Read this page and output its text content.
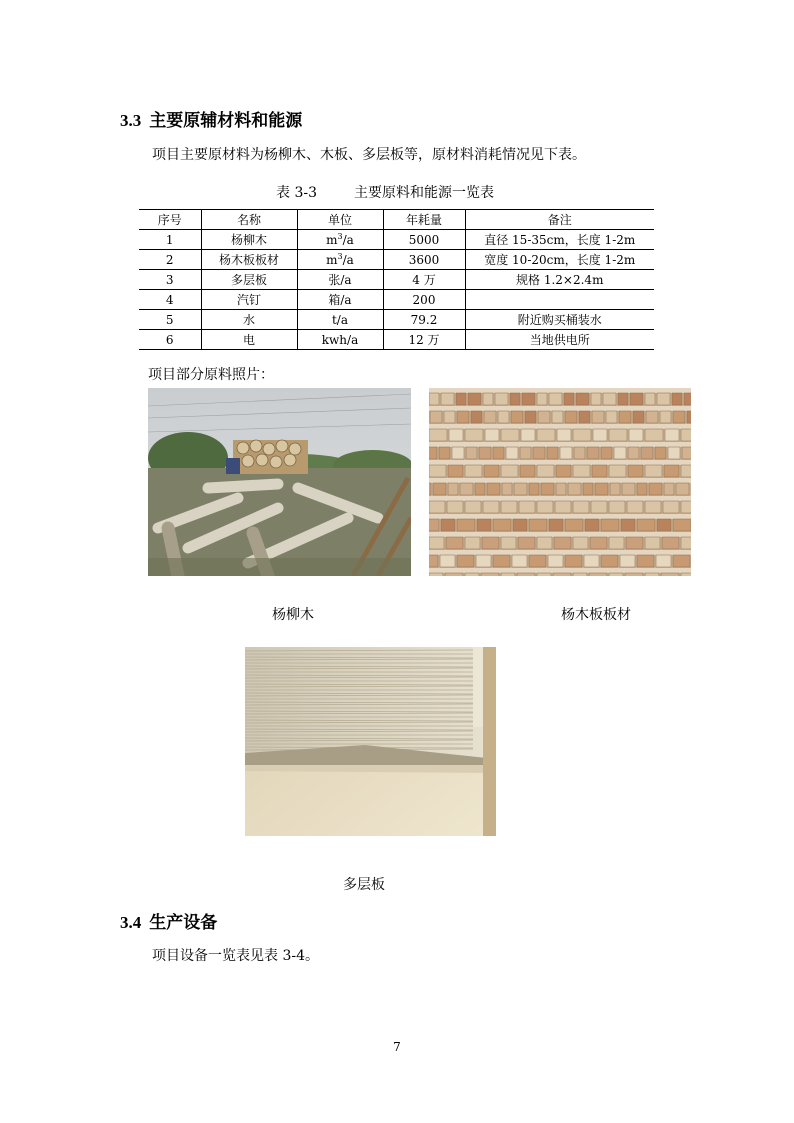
3.3 主要原辅材料和能源
项目主要原材料为杨柳木、木板、多层板等，原材料消耗情况见下表。
表 3-3	主要原料和能源一览表
序号	名称	单位	年耗量	备注
1	杨柳木	$m^3/a$	5000	直径 15-35cm，长度 1-2m
2	杨木板板材	$m^3/a$	3600	宽度 10-20cm，长度 1-2m
3	多层板	张/a	4 万	规格 1.2×2.4m
4	汽钉	箱/a	200	
5	水	t/a	79.2	附近购买桶装水
6	电	kwh/a	12 万	当地供电所
项目部分原料照片：
杨柳木	杨木板板材
多层板
3.4 生产设备
项目设备一览表见表 3-4。
7
